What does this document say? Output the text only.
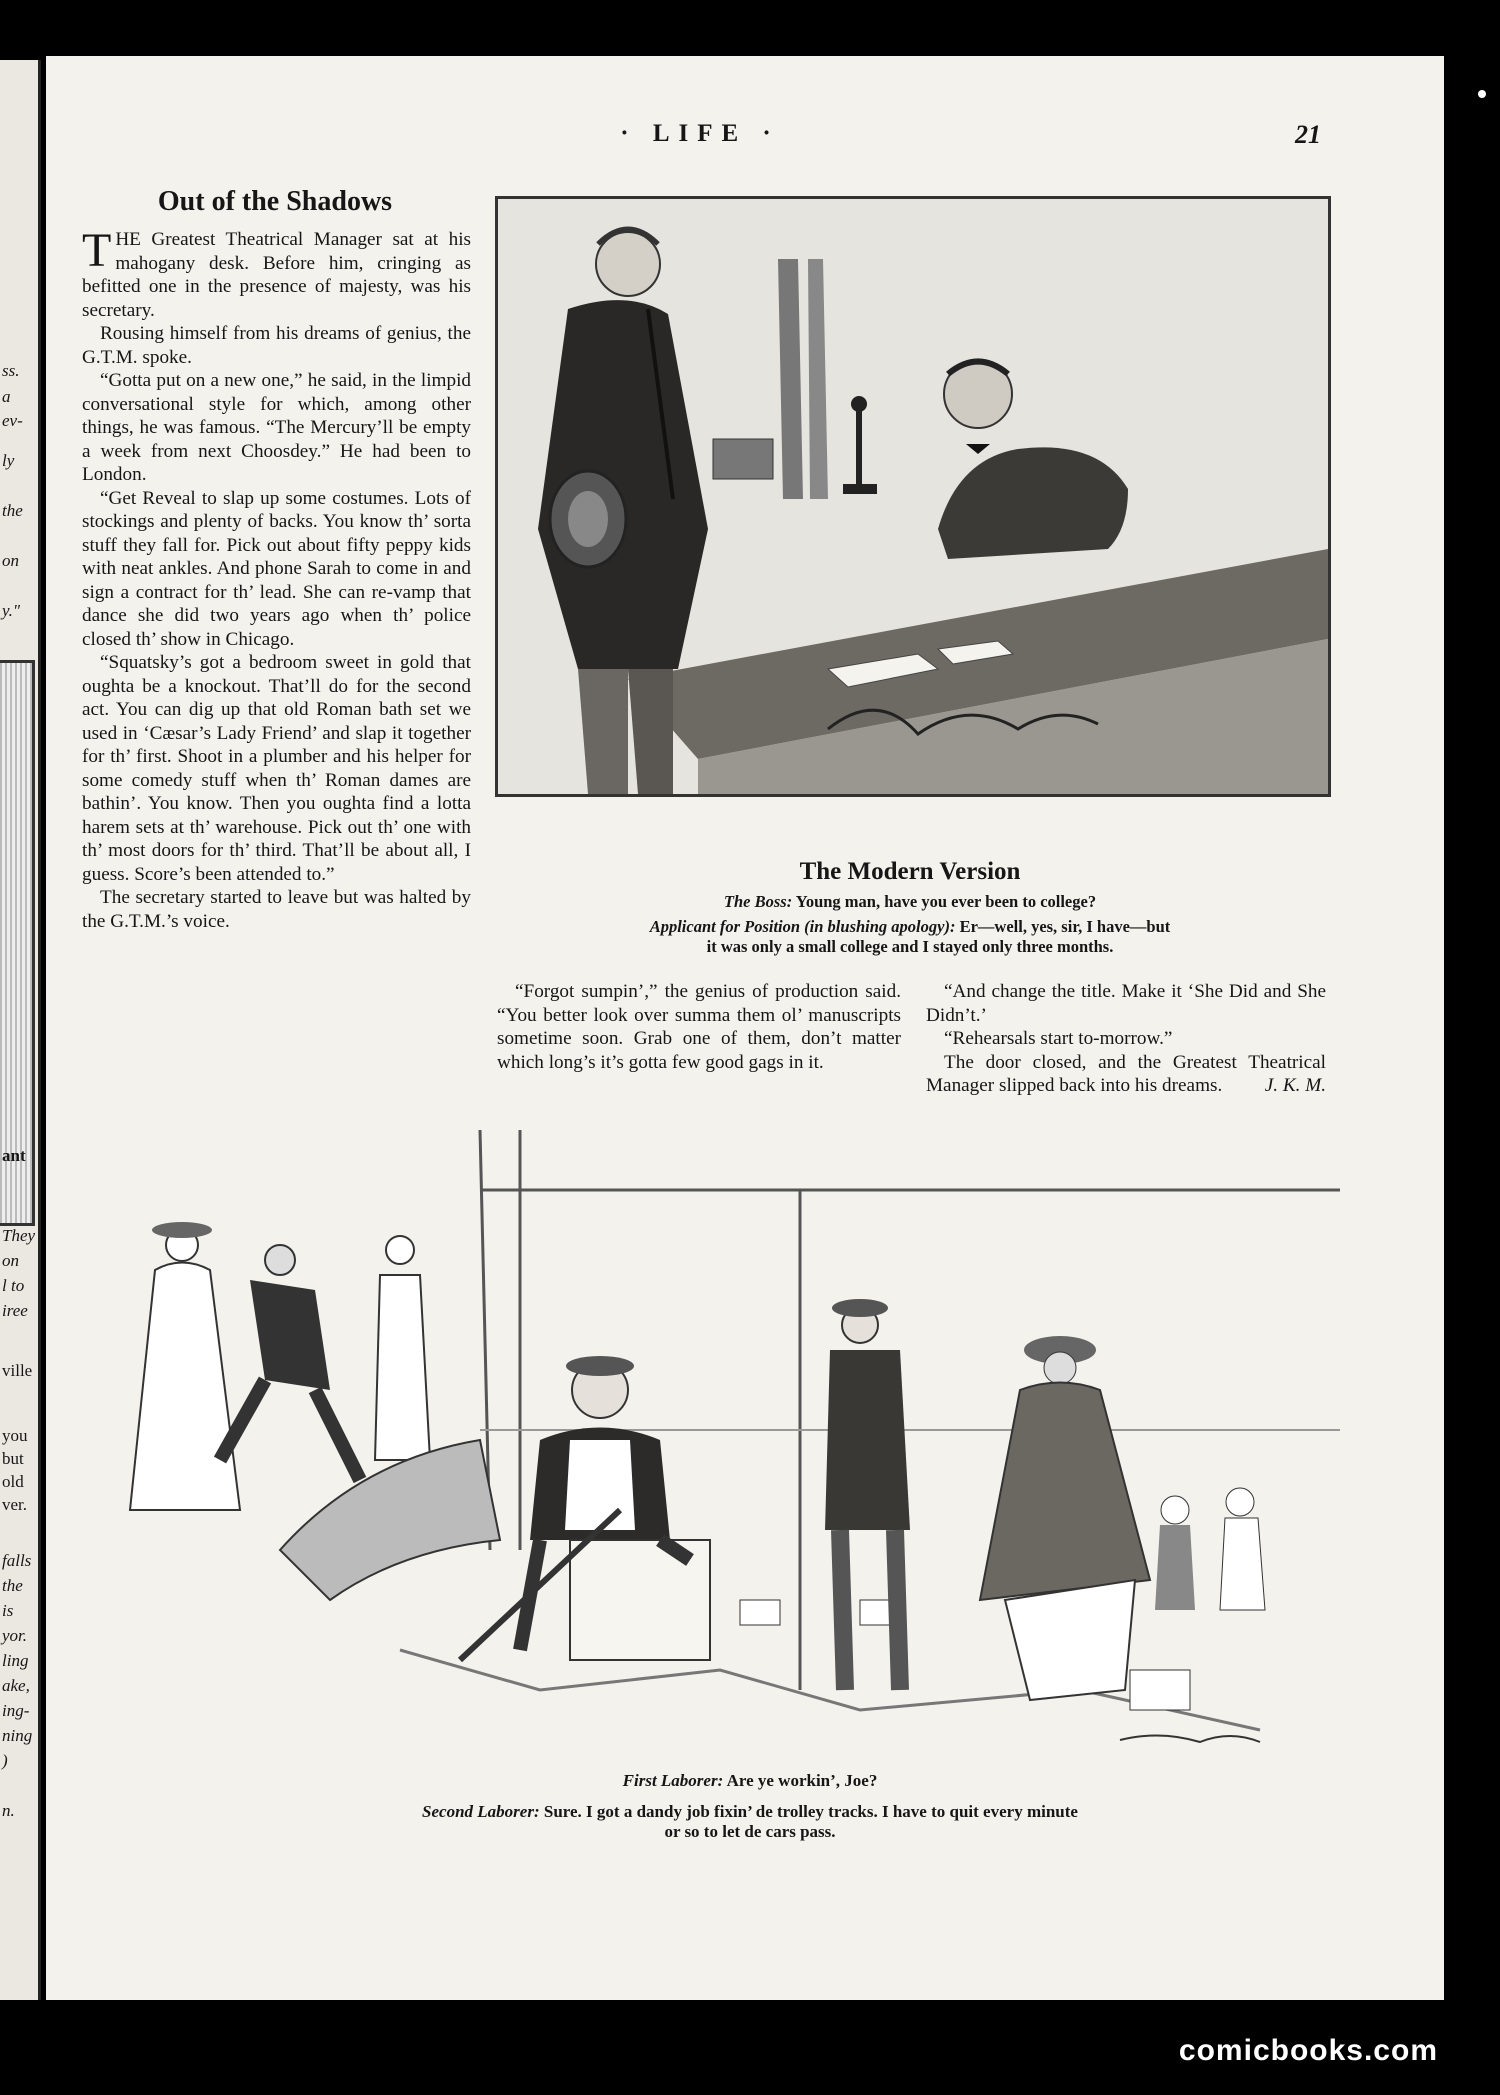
ss.
a
ev-
ly
the
on
y."
ant
They
on
l to
iree
ville
you
but
old
ver.
falls
the
is
yor.
ling
ake,
ing-
ning
)
n.
· LIFE ·	21
Out of the Shadows

THE Greatest Theatrical Manager sat at his mahogany desk. Before him, cringing as befitted one in the presence of majesty, was his secretary.

Rousing himself from his dreams of genius, the G.T.M. spoke.

“Gotta put on a new one,” he said, in the limpid conversational style for which, among other things, he was famous. “The Mercury’ll be empty a week from next Choosdey.” He had been to London.

“Get Reveal to slap up some costumes. Lots of stockings and plenty of backs. You know th’ sorta stuff they fall for. Pick out about fifty peppy kids with neat ankles. And phone Sarah to come in and sign a contract for th’ lead. She can re-vamp that dance she did two years ago when th’ police closed th’ show in Chicago.

“Squatsky’s got a bedroom sweet in gold that oughta be a knockout. That’ll do for the second act. You can dig up that old Roman bath set we used in ‘Cæsar’s Lady Friend’ and slap it together for th’ first. Shoot in a plumber and his helper for some comedy stuff when th’ Roman dames are bathin’. You know. Then you oughta find a lotta harem sets at th’ warehouse. Pick out th’ one with th’ most doors for th’ third. That’ll be about all, I guess. Score’s been attended to.”

The secretary started to leave but was halted by the G.T.M.’s voice.

The Modern Version
The Boss: Young man, have you ever been to college?
Applicant for Position (in blushing apology): Er—well, yes, sir, I have—but
it was only a small college and I stayed only three months.

“Forgot sumpin’,” the genius of production said. “You better look over summa them ol’ manuscripts sometime soon. Grab one of them, don’t matter which long’s it’s gotta few good gags in it.

“And change the title. Make it ‘She Did and She Didn’t.’

“Rehearsals start to-morrow.”

The door closed, and the Greatest Theatrical Manager slipped back into his dreams.	J. K. M.

First Laborer: Are ye workin’, Joe?
Second Laborer: Sure. I got a dandy job fixin’ de trolley tracks. I have to quit every minute
or so to let de cars pass.
comicbooks.com
